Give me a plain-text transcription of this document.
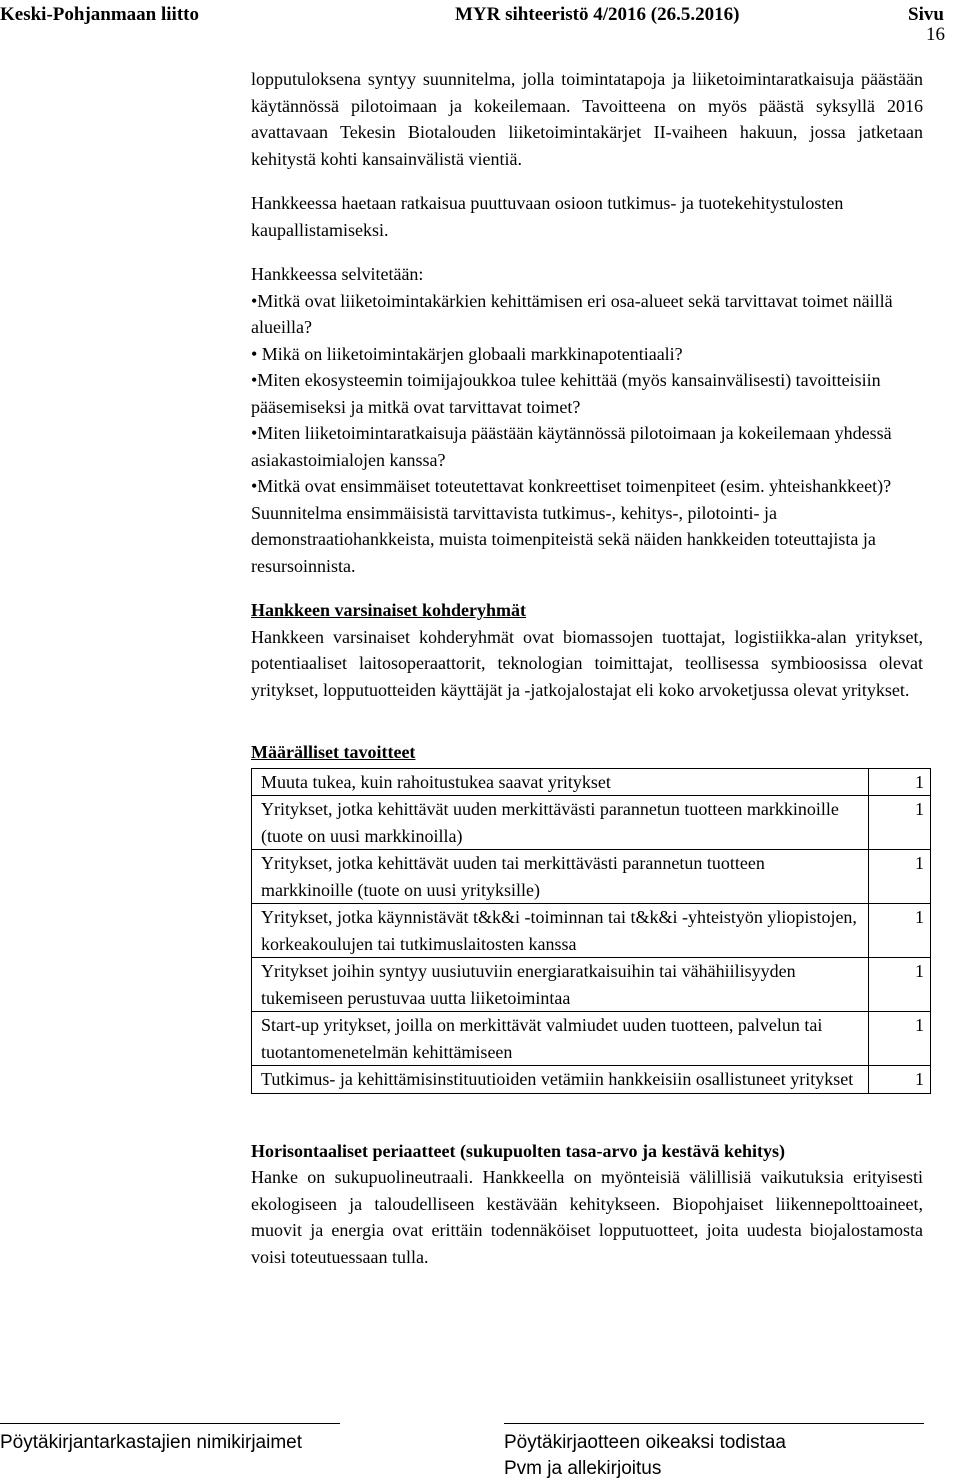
Keski-Pohjanmaan liitto	MYR sihteeristö 4/2016 (26.5.2016)	Sivu
16

lopputuloksena syntyy suunnitelma, jolla toimintatapoja ja liiketoimintaratkaisuja päästään käytännössä pilotoimaan ja kokeilemaan. Tavoitteena on myös päästä syksyllä 2016 avattavaan Tekesin Biotalouden liiketoimintakärjet II-vaiheen hakuun, jossa jatketaan kehitystä kohti kansainvälistä vientiä.

Hankkeessa haetaan ratkaisua puuttuvaan osioon tutkimus- ja tuotekehitystulosten kaupallistamiseksi.

Hankkeessa selvitetään:

•Mitkä ovat liiketoimintakärkien kehittämisen eri osa-alueet sekä tarvittavat toimet näillä alueilla?
• Mikä on liiketoimintakärjen globaali markkinapotentiaali?
•Miten ekosysteemin toimijajoukkoa tulee kehittää (myös kansainvälisesti) tavoitteisiin pääsemiseksi ja mitkä ovat tarvittavat toimet?
•Miten liiketoimintaratkaisuja päästään käytännössä pilotoimaan ja kokeilemaan yhdessä asiakastoimialojen kanssa?
•Mitkä ovat ensimmäiset toteutettavat konkreettiset toimenpiteet (esim. yhteishankkeet)? Suunnitelma ensimmäisistä tarvittavista tutkimus-, kehitys-, pilotointi- ja demonstraatiohankkeista, muista toimenpiteistä sekä näiden hankkeiden toteuttajista ja resursoinnista.

Hankkeen varsinaiset kohderyhmät

Hankkeen varsinaiset kohderyhmät ovat biomassojen tuottajat, logistiikka-alan yritykset, potentiaaliset laitosoperaattorit, teknologian toimittajat, teollisessa symbioosissa olevat yritykset, lopputuotteiden käyttäjät ja -jatkojalostajat eli koko arvoketjussa olevat yritykset.

Määrälliset tavoitteet

Muuta tukea, kuin rahoitustukea saavat yritykset	1
Yritykset, jotka kehittävät uuden merkittävästi parannetun tuotteen markkinoille (tuote on uusi markkinoilla)	1
Yritykset, jotka kehittävät uuden tai merkittävästi parannetun tuotteen markkinoille (tuote on uusi yrityksille)	1
Yritykset, jotka käynnistävät t&k&i -toiminnan tai t&k&i -yhteistyön yliopistojen, korkeakoulujen tai tutkimuslaitosten kanssa	1
Yritykset joihin syntyy uusiutuviin energiaratkaisuihin tai vähähiilisyyden tukemiseen perustuvaa uutta liiketoimintaa	1
Start-up yritykset, joilla on merkittävät valmiudet uuden tuotteen, palvelun tai tuotantomenetelmän kehittämiseen	1
Tutkimus- ja kehittämisinstituutioiden vetämiin hankkeisiin osallistuneet yritykset	1

Horisontaaliset periaatteet (sukupuolten tasa-arvo ja kestävä kehitys)

Hanke on sukupuolineutraali. Hankkeella on myönteisiä välillisiä vaikutuksia erityisesti ekologiseen ja taloudelliseen kestävään kehitykseen. Biopohjaiset liikennepolttoaineet, muovit ja energia ovat erittäin todennäköiset lopputuotteet, joita uudesta biojalostamosta voisi toteutuessaan tulla.

Pöytäkirjantarkastajien nimikirjaimet	Pöytäkirjaotteen oikeaksi todistaa
Pvm ja allekirjoitus
